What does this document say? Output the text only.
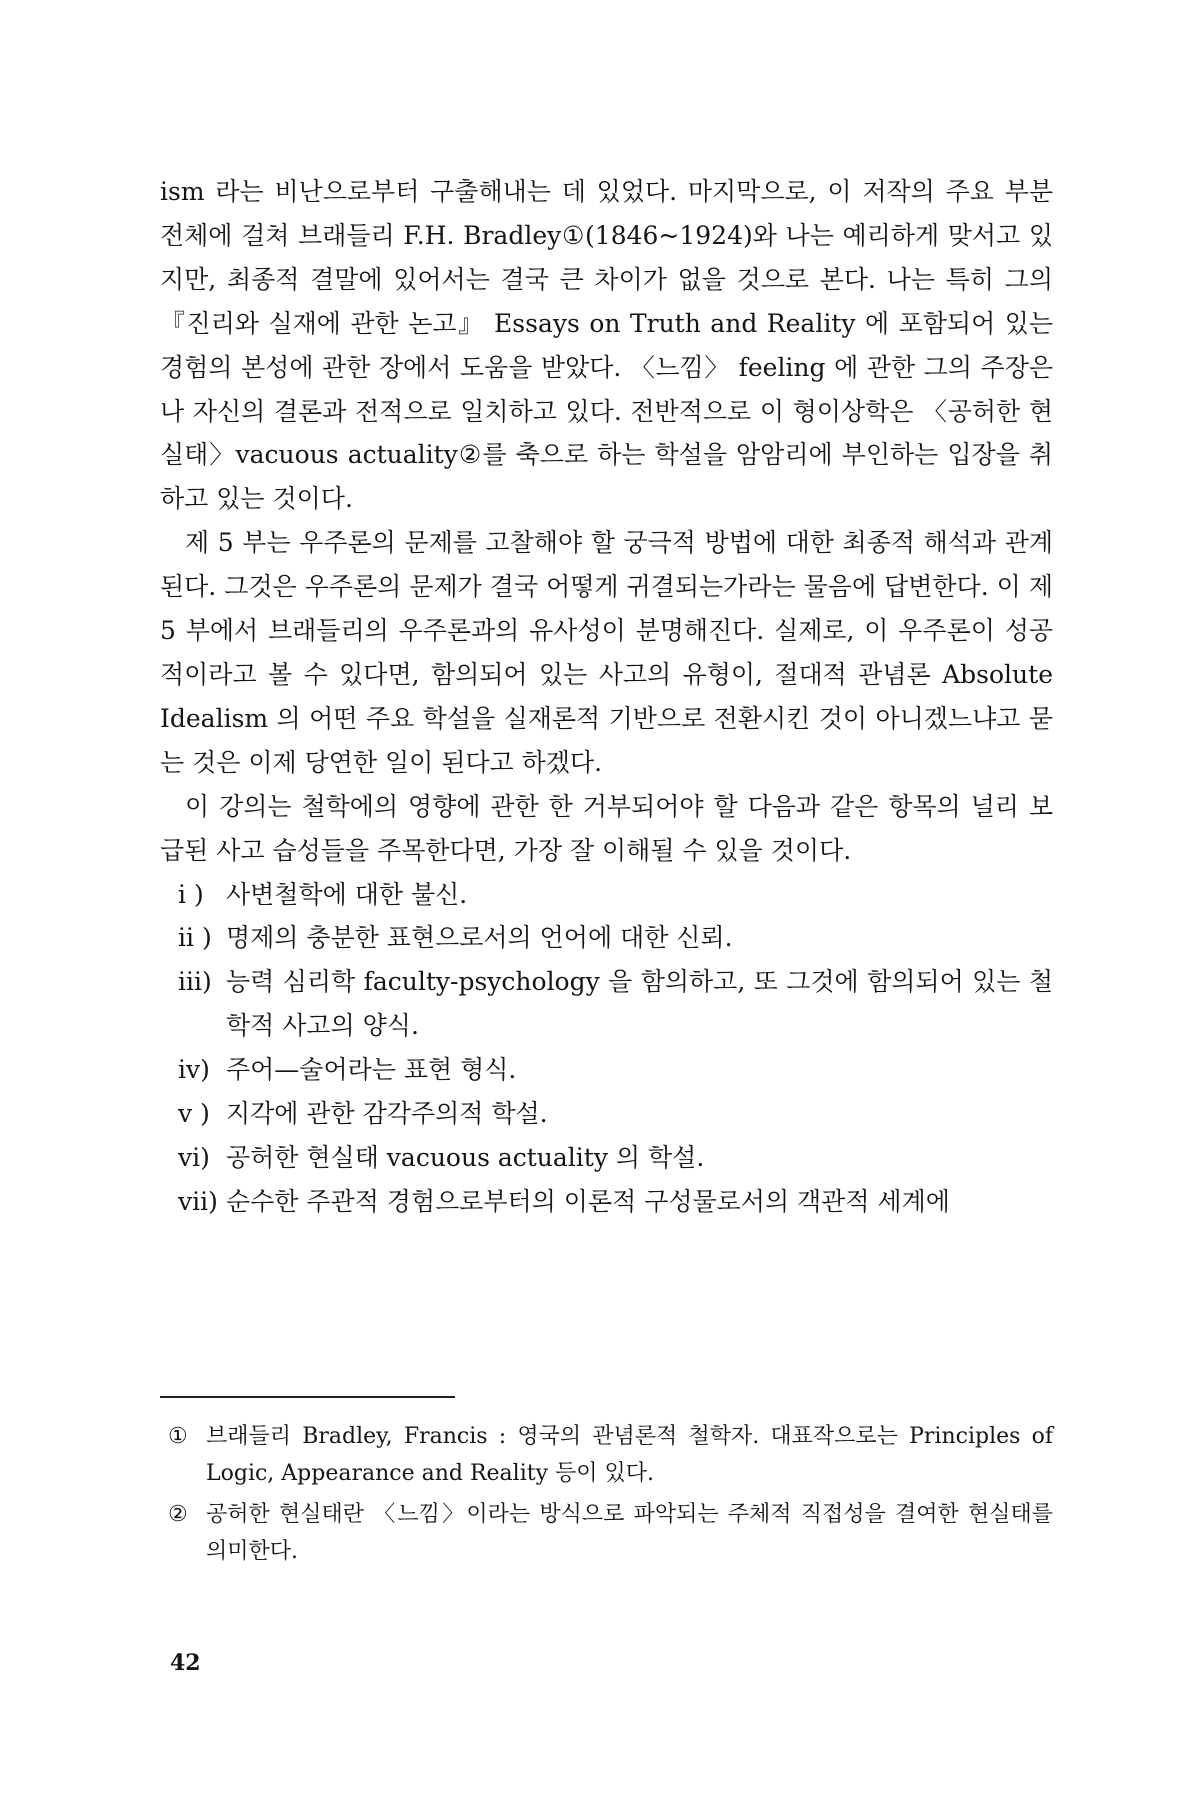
ism 라는 비난으로부터 구출해내는 데 있었다. 마지막으로, 이 저작의 주요 부분 전체에 걸쳐 브래들리 F.H. Bradley①(1846~1924)와 나는 예리하게 맞서고 있지만, 최종적 결말에 있어서는 결국 큰 차이가 없을 것으로 본다. 나는 특히 그의 『진리와 실재에 관한 논고』 Essays on Truth and Reality 에 포함되어 있는 경험의 본성에 관한 장에서 도움을 받았다. 〈느낌〉 feeling 에 관한 그의 주장은 나 자신의 결론과 전적으로 일치하고 있다. 전반적으로 이 형이상학은 〈공허한 현실태〉vacuous actuality②를 축으로 하는 학설을 암암리에 부인하는 입장을 취하고 있는 것이다.

제 5 부는 우주론의 문제를 고찰해야 할 궁극적 방법에 대한 최종적 해석과 관계된다. 그것은 우주론의 문제가 결국 어떻게 귀결되는가라는 물음에 답변한다. 이 제 5 부에서 브래들리의 우주론과의 유사성이 분명해진다. 실제로, 이 우주론이 성공적이라고 볼 수 있다면, 함의되어 있는 사고의 유형이, 절대적 관념론 Absolute Idealism 의 어떤 주요 학설을 실재론적 기반으로 전환시킨 것이 아니겠느냐고 묻는 것은 이제 당연한 일이 된다고 하겠다.

이 강의는 철학에의 영향에 관한 한 거부되어야 할 다음과 같은 항목의 널리 보급된 사고 습성들을 주목한다면, 가장 잘 이해될 수 있을 것이다.

i ) 사변철학에 대한 불신.
ii ) 명제의 충분한 표현으로서의 언어에 대한 신뢰.
iii) 능력 심리학 faculty-psychology 을 함의하고, 또 그것에 함의되어 있는 철학적 사고의 양식.
iv) 주어—술어라는 표현 형식.
v ) 지각에 관한 감각주의적 학설.
vi) 공허한 현실태 vacuous actuality 의 학설.
vii) 순수한 주관적 경험으로부터의 이론적 구성물로서의 객관적 세계에

① 브래들리 Bradley, Francis : 영국의 관념론적 철학자. 대표작으로는 Principles of Logic, Appearance and Reality 등이 있다.

② 공허한 현실태란 〈느낌〉이라는 방식으로 파악되는 주체적 직접성을 결여한 현실태를 의미한다.

42
